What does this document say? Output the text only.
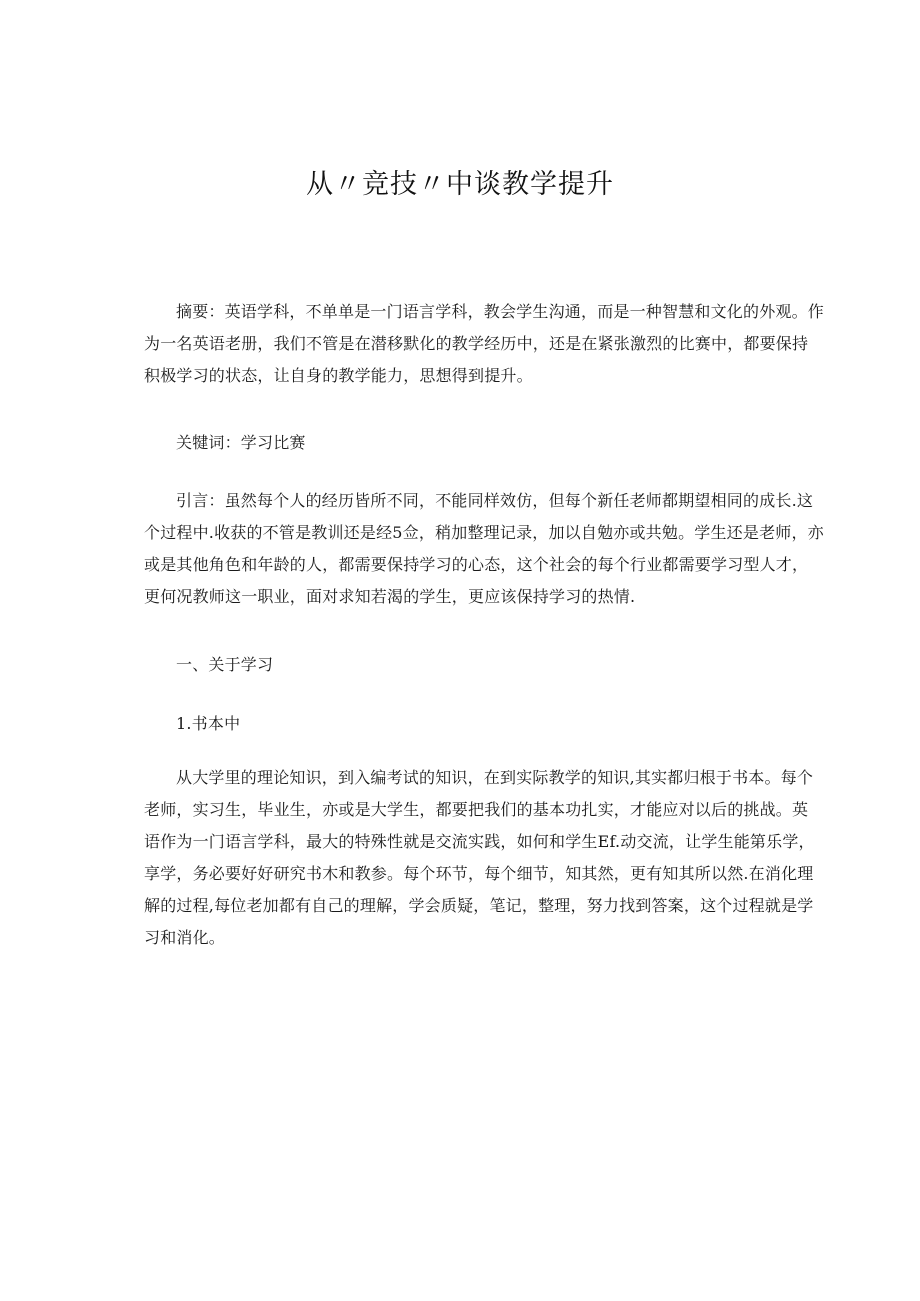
从〃竞技〃中谈教学提升

摘要：英语学科，不单单是一门语言学科，教会学生沟通，而是一种智慧和文化的外观。作为一名英语老册，我们不管是在潜移默化的教学经历中，还是在紧张激烈的比赛中，都要保持积极学习的状态，让自身的教学能力，思想得到提升。

关犍词：学习比赛

引言：虽然每个人的经历皆所不同，不能同样效仿，但每个新任老师都期望相同的成长.这个过程中.收获的不管是教训还是经5佥，稍加整理记录，加以自勉亦或共勉。学生还是老师，亦或是其他角色和年龄的人，都需要保持学习的心态，这个社会的每个行业都需要学习型人才，更何况教师这一职业，面对求知若渴的学生，更应该保持学习的热情.

一、关于学习

1.书本中

从大学里的理论知识，到入编考试的知识，在到实际教学的知识,其实都归根于书本。每个老师，实习生，毕业生，亦或是大学生，都要把我们的基本功扎实，才能应对以后的挑战。英语作为一门语言学科，最大的特殊性就是交流实践，如何和学生Ef.动交流，让学生能第乐学，享学，务必要好好研究书木和教参。每个环节，每个细节，知其然，更有知其所以然.在消化理解的过程,每位老加都有自己的理解，学会质疑，笔记，整理，努力找到答案，这个过程就是学习和消化。
